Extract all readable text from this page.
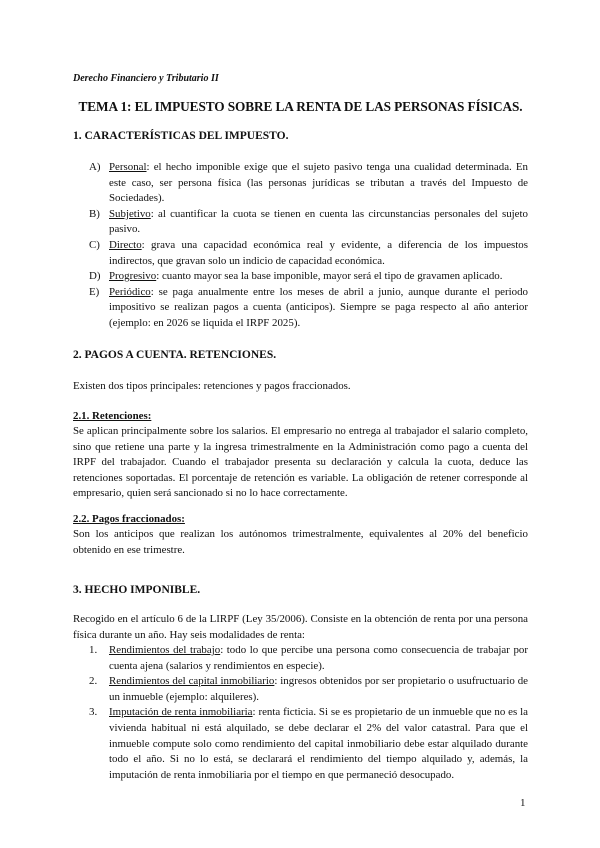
Derecho Financiero y Tributario II
TEMA 1: EL IMPUESTO SOBRE LA RENTA DE LAS PERSONAS FÍSICAS.
1. CARACTERÍSTICAS DEL IMPUESTO.
A) Personal: el hecho imponible exige que el sujeto pasivo tenga una cualidad determinada. En este caso, ser persona física (las personas jurídicas se tributan a través del Impuesto de Sociedades).
B) Subjetivo: al cuantificar la cuota se tienen en cuenta las circunstancias personales del sujeto pasivo.
C) Directo: grava una capacidad económica real y evidente, a diferencia de los impuestos indirectos, que gravan solo un indicio de capacidad económica.
D) Progresivo: cuanto mayor sea la base imponible, mayor será el tipo de gravamen aplicado.
E) Periódico: se paga anualmente entre los meses de abril a junio, aunque durante el periodo impositivo se realizan pagos a cuenta (anticipos). Siempre se paga respecto al año anterior (ejemplo: en 2026 se liquida el IRPF 2025).
2. PAGOS A CUENTA. RETENCIONES.
Existen dos tipos principales: retenciones y pagos fraccionados.
2.1. Retenciones:
Se aplican principalmente sobre los salarios. El empresario no entrega al trabajador el salario completo, sino que retiene una parte y la ingresa trimestralmente en la Administración como pago a cuenta del IRPF del trabajador. Cuando el trabajador presenta su declaración y calcula la cuota, deduce las retenciones soportadas. El porcentaje de retención es variable. La obligación de retener corresponde al empresario, quien será sancionado si no lo hace correctamente.
2.2. Pagos fraccionados:
Son los anticipos que realizan los autónomos trimestralmente, equivalentes al 20% del beneficio obtenido en ese trimestre.
3. HECHO IMPONIBLE.
Recogido en el artículo 6 de la LIRPF (Ley 35/2006). Consiste en la obtención de renta por una persona física durante un año. Hay seis modalidades de renta:
1. Rendimientos del trabajo: todo lo que percibe una persona como consecuencia de trabajar por cuenta ajena (salarios y rendimientos en especie).
2. Rendimientos del capital inmobiliario: ingresos obtenidos por ser propietario o usufructuario de un inmueble (ejemplo: alquileres).
3. Imputación de renta inmobiliaria: renta ficticia. Si se es propietario de un inmueble que no es la vivienda habitual ni está alquilado, se debe declarar el 2% del valor catastral. Para que el inmueble compute solo como rendimiento del capital inmobiliario debe estar alquilado durante todo el año. Si no lo está, se declarará el rendimiento del tiempo alquilado y, además, la imputación de renta inmobiliaria por el tiempo en que permaneció desocupado.
1
